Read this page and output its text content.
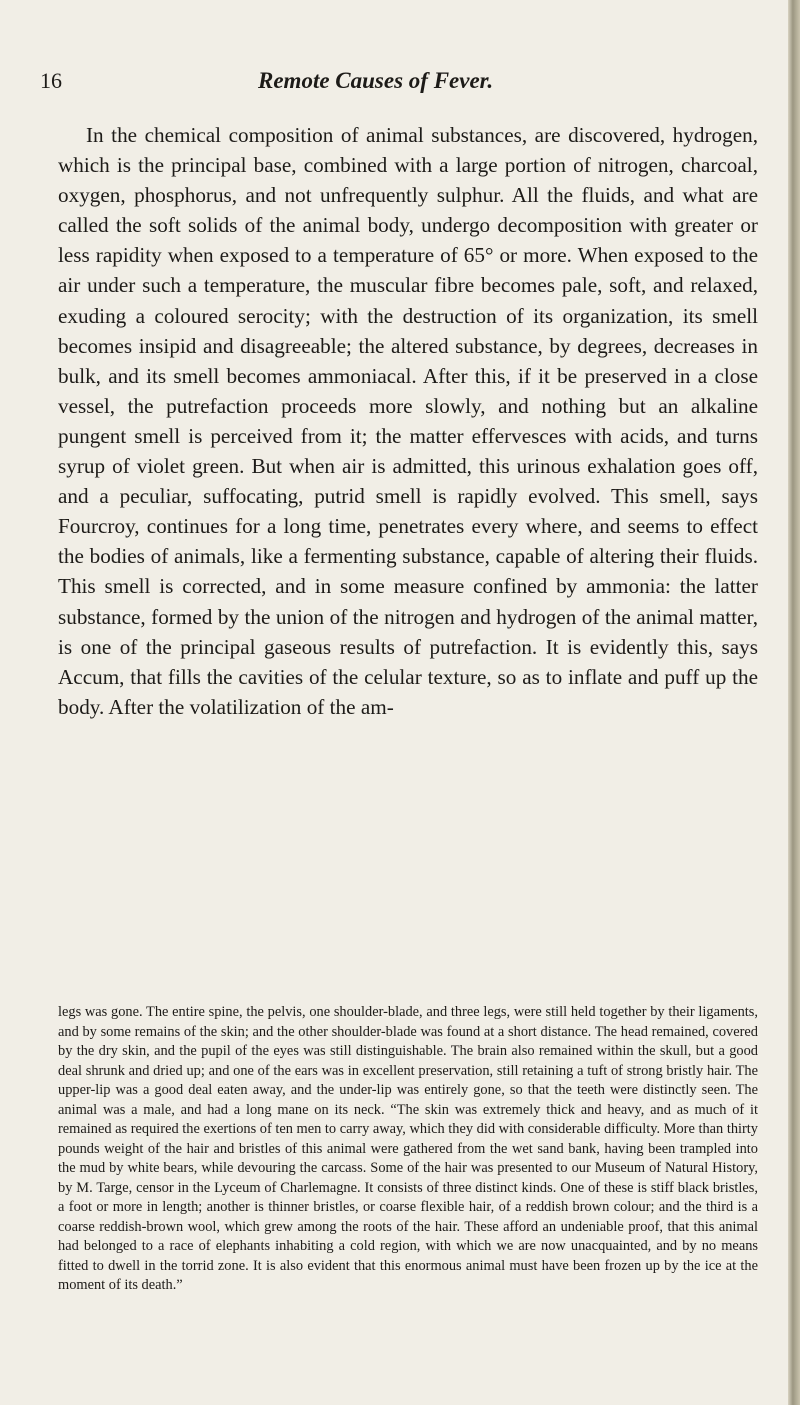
16	Remote Causes of Fever.

In the chemical composition of animal substances, are discovered, hydrogen, which is the principal base, combined with a large portion of nitrogen, charcoal, oxygen, phosphorus, and not unfrequently sulphur. All the fluids, and what are called the soft solids of the animal body, undergo decomposition with greater or less rapidity when exposed to a temperature of 65° or more. When exposed to the air under such a temperature, the muscular fibre becomes pale, soft, and relaxed, exuding a coloured serocity; with the destruction of its organization, its smell becomes insipid and disagreeable; the altered substance, by degrees, decreases in bulk, and its smell becomes ammoniacal. After this, if it be preserved in a close vessel, the putrefaction proceeds more slowly, and nothing but an alkaline pungent smell is perceived from it; the matter effervesces with acids, and turns syrup of violet green. But when air is admitted, this urinous exhalation goes off, and a peculiar, suffocating, putrid smell is rapidly evolved. This smell, says Fourcroy, continues for a long time, penetrates every where, and seems to effect the bodies of animals, like a fermenting substance, capable of altering their fluids. This smell is corrected, and in some measure confined by ammonia: the latter substance, formed by the union of the nitrogen and hydrogen of the animal matter, is one of the principal gaseous results of putrefaction. It is evidently this, says Accum, that fills the cavities of the celular texture, so as to inflate and puff up the body. After the volatilization of the am-

legs was gone. The entire spine, the pelvis, one shoulder-blade, and three legs, were still held together by their ligaments, and by some remains of the skin; and the other shoulder-blade was found at a short distance. The head remained, covered by the dry skin, and the pupil of the eyes was still distinguishable. The brain also remained within the skull, but a good deal shrunk and dried up; and one of the ears was in excellent preservation, still retaining a tuft of strong bristly hair. The upper-lip was a good deal eaten away, and the under-lip was entirely gone, so that the teeth were distinctly seen. The animal was a male, and had a long mane on its neck. “The skin was extremely thick and heavy, and as much of it remained as required the exertions of ten men to carry away, which they did with considerable difficulty. More than thirty pounds weight of the hair and bristles of this animal were gathered from the wet sand bank, having been trampled into the mud by white bears, while devouring the carcass. Some of the hair was presented to our Museum of Natural History, by M. Targe, censor in the Lyceum of Charlemagne. It consists of three distinct kinds. One of these is stiff black bristles, a foot or more in length; another is thinner bristles, or coarse flexible hair, of a reddish brown colour; and the third is a coarse reddish-brown wool, which grew among the roots of the hair. These afford an undeniable proof, that this animal had belonged to a race of elephants inhabiting a cold region, with which we are now unacquainted, and by no means fitted to dwell in the torrid zone. It is also evident that this enormous animal must have been frozen up by the ice at the moment of its death.”
